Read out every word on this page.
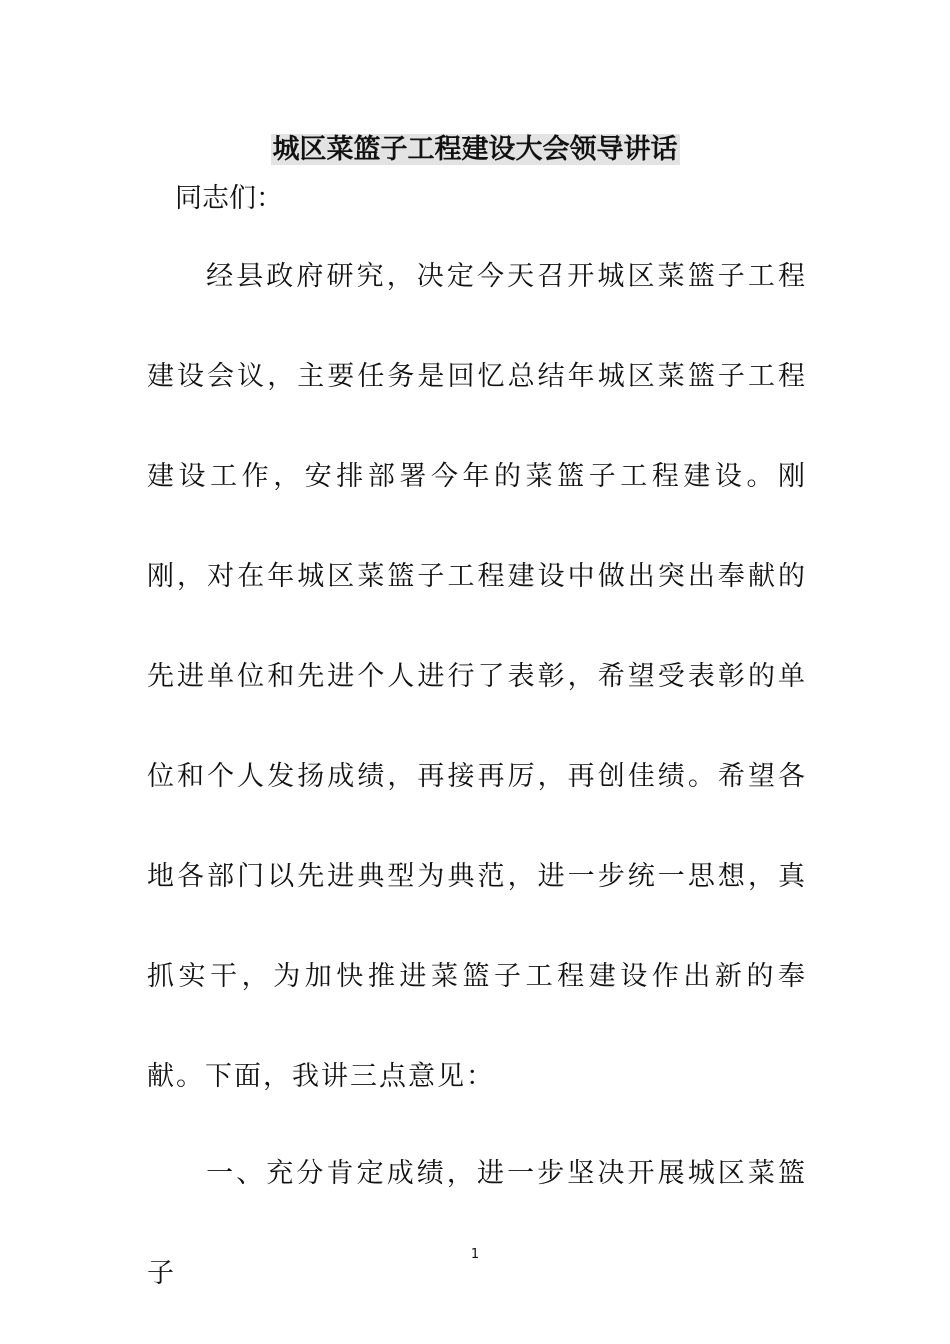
城区菜篮子工程建设大会领导讲话

同志们：

经县政府研究，决定今天召开城区菜篮子工程建设会议，主要任务是回忆总结年城区菜篮子工程建设工作，安排部署今年的菜篮子工程建设。刚刚，对在年城区菜篮子工程建设中做出突出奉献的先进单位和先进个人进行了表彰，希望受表彰的单位和个人发扬成绩，再接再厉，再创佳绩。希望各地各部门以先进典型为典范，进一步统一思想，真抓实干，为加快推进菜篮子工程建设作出新的奉献。下面，我讲三点意见：

一、充分肯定成绩，进一步坚决开展城区菜篮子

1
